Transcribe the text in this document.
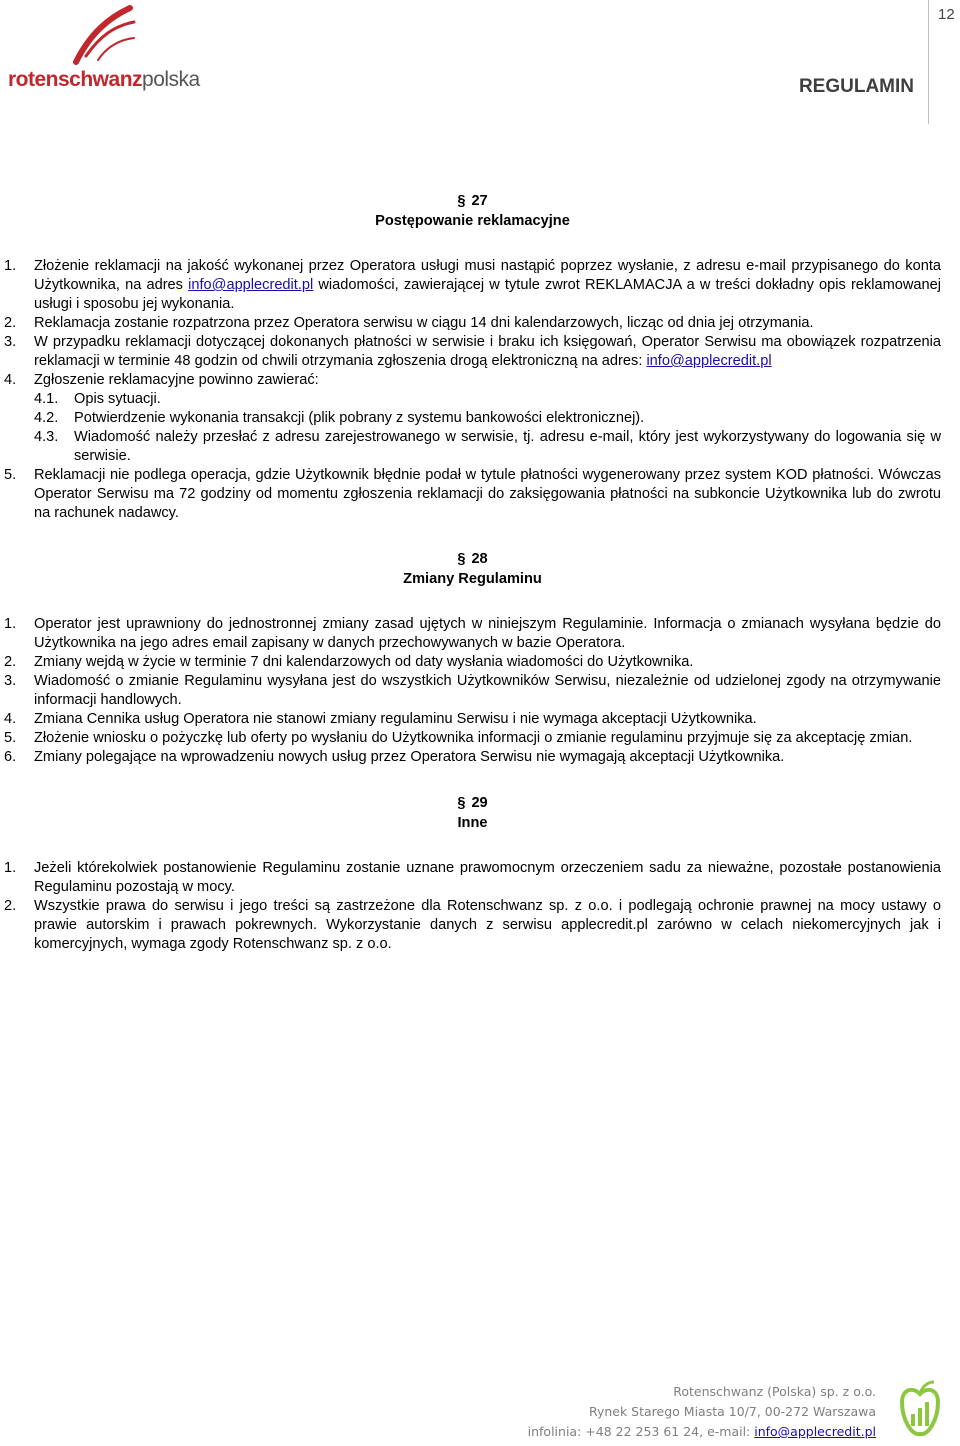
rotenschwanzpolska
12
REGULAMIN
§ 27
Postępowanie reklamacyjne
1.	Złożenie reklamacji na jakość wykonanej przez Operatora usługi musi nastąpić poprzez wysłanie, z adresu e-mail przypisanego do konta Użytkownika, na adres info@applecredit.pl wiadomości, zawierającej w tytule zwrot REKLAMACJA a w treści dokładny opis reklamowanej usługi i sposobu jej wykonania.
2.	Reklamacja zostanie rozpatrzona przez Operatora serwisu w ciągu 14 dni kalendarzowych, licząc od dnia jej otrzymania.
3.	W przypadku reklamacji dotyczącej dokonanych płatności w serwisie i braku ich księgowań, Operator Serwisu ma obowiązek rozpatrzenia reklamacji w terminie 48 godzin od chwili otrzymania zgłoszenia drogą elektroniczną na adres: info@applecredit.pl
4.	Zgłoszenie reklamacyjne powinno zawierać:
4.1.	Opis sytuacji.
4.2.	Potwierdzenie wykonania transakcji (plik pobrany z systemu bankowości elektronicznej).
4.3.	Wiadomość należy przesłać z adresu zarejestrowanego w serwisie, tj. adresu e-mail, który jest wykorzystywany do logowania się w serwisie.
5.	Reklamacji nie podlega operacja, gdzie Użytkownik błędnie podał w tytule płatności wygenerowany przez system KOD płatności. Wówczas Operator Serwisu ma 72 godziny od momentu zgłoszenia reklamacji do zaksięgowania płatności na subkoncie Użytkownika lub do zwrotu na rachunek nadawcy.
§ 28
Zmiany Regulaminu
1.	Operator jest uprawniony do jednostronnej zmiany zasad ujętych w niniejszym Regulaminie. Informacja o zmianach wysyłana będzie do Użytkownika na jego adres email zapisany w danych przechowywanych w bazie Operatora.
2.	Zmiany wejdą w życie w terminie 7 dni kalendarzowych od daty wysłania wiadomości do Użytkownika.
3.	Wiadomość o zmianie Regulaminu wysyłana jest do wszystkich Użytkowników Serwisu, niezależnie od udzielonej zgody na otrzymywanie informacji handlowych.
4.	Zmiana Cennika usług Operatora nie stanowi zmiany regulaminu Serwisu i nie wymaga akceptacji Użytkownika.
5.	Złożenie wniosku o pożyczkę lub oferty po wysłaniu do Użytkownika informacji o zmianie regulaminu przyjmuje się za akceptację zmian.
6.	Zmiany polegające na wprowadzeniu nowych usług przez Operatora Serwisu nie wymagają akceptacji Użytkownika.
§ 29
Inne
1.	Jeżeli którekolwiek postanowienie Regulaminu zostanie uznane prawomocnym orzeczeniem sadu za nieważne, pozostałe postanowienia Regulaminu pozostają w mocy.
2.	Wszystkie prawa do serwisu i jego treści są zastrzeżone dla Rotenschwanz sp. z o.o. i podlegają ochronie prawnej na mocy ustawy o prawie autorskim i prawach pokrewnych. Wykorzystanie danych z serwisu applecredit.pl zarówno w celach niekomercyjnych jak i komercyjnych, wymaga zgody Rotenschwanz sp. z o.o.
Rotenschwanz (Polska) sp. z o.o.
Rynek Starego Miasta 10/7, 00-272 Warszawa
infolinia: +48 22 253 61 24, e-mail: info@applecredit.pl
